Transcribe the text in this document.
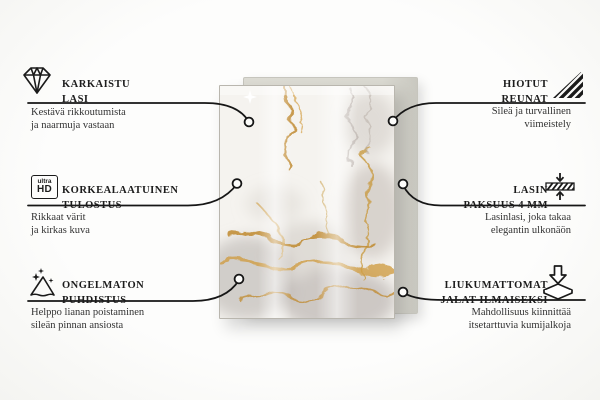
KARKAISTU
LASI

Kestävä rikkoutumista
ja naarmuja vastaan

ultra
HD KORKEALAATUINEN
TULOSTUS

Rikkaat värit
ja kirkas kuva

ONGELMATON
PUHDISTUS

Helppo lianan poistaminen
sileän pinnan ansiosta

HIOTUT
REUNAT

Sileä ja turvallinen
viimeistely

LASIN
PAKSUUS 4 MM

Lasinlasi, joka takaa
elegantin ulkonäön

LIUKUMATTOMAT
JALAT ILMAISEKSI

Mahdollisuus kiinnittää
itsetarttuvia kumijalkoja
